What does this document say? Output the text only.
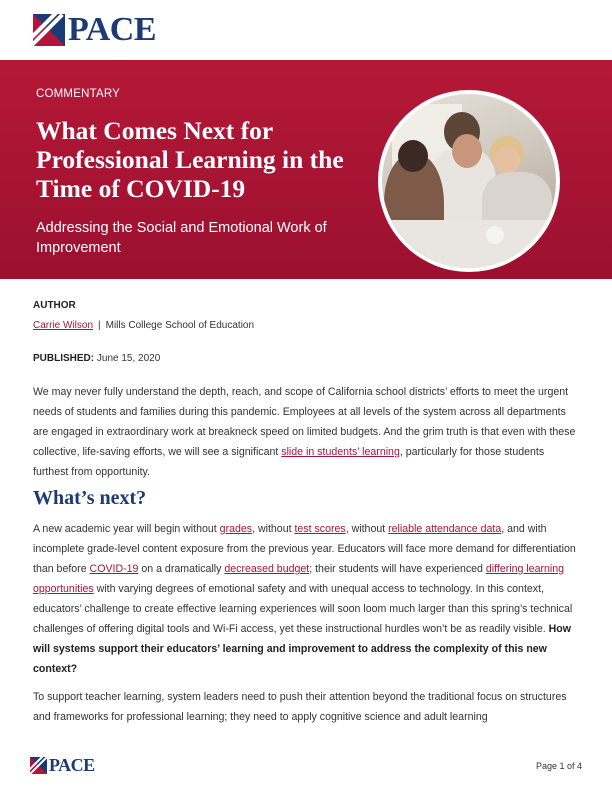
PACE
COMMENTARY
What Comes Next for Professional Learning in the Time of COVID-19
Addressing the Social and Emotional Work of Improvement
AUTHOR
Carrie Wilson | Mills College School of Education
PUBLISHED: June 15, 2020

We may never fully understand the depth, reach, and scope of California school districts’ efforts to meet the urgent needs of students and families during this pandemic. Employees at all levels of the system across all departments are engaged in extraordinary work at breakneck speed on limited budgets. And the grim truth is that even with these collective, life-saving efforts, we will see a significant slide in students’ learning, particularly for those students furthest from opportunity.

What’s next?

A new academic year will begin without grades, without test scores, without reliable attendance data, and with incomplete grade-level content exposure from the previous year. Educators will face more demand for differentiation than before COVID-19 on a dramatically decreased budget; their students will have experienced differing learning opportunities with varying degrees of emotional safety and with unequal access to technology. In this context, educators’ challenge to create effective learning experiences will soon loom much larger than this spring’s technical challenges of offering digital tools and Wi-Fi access, yet these instructional hurdles won’t be as readily visible. How will systems support their educators’ learning and improvement to address the complexity of this new context?

To support teacher learning, system leaders need to push their attention beyond the traditional focus on structures and frameworks for professional learning; they need to apply cognitive science and adult learning

PACE	Page 1 of 4
